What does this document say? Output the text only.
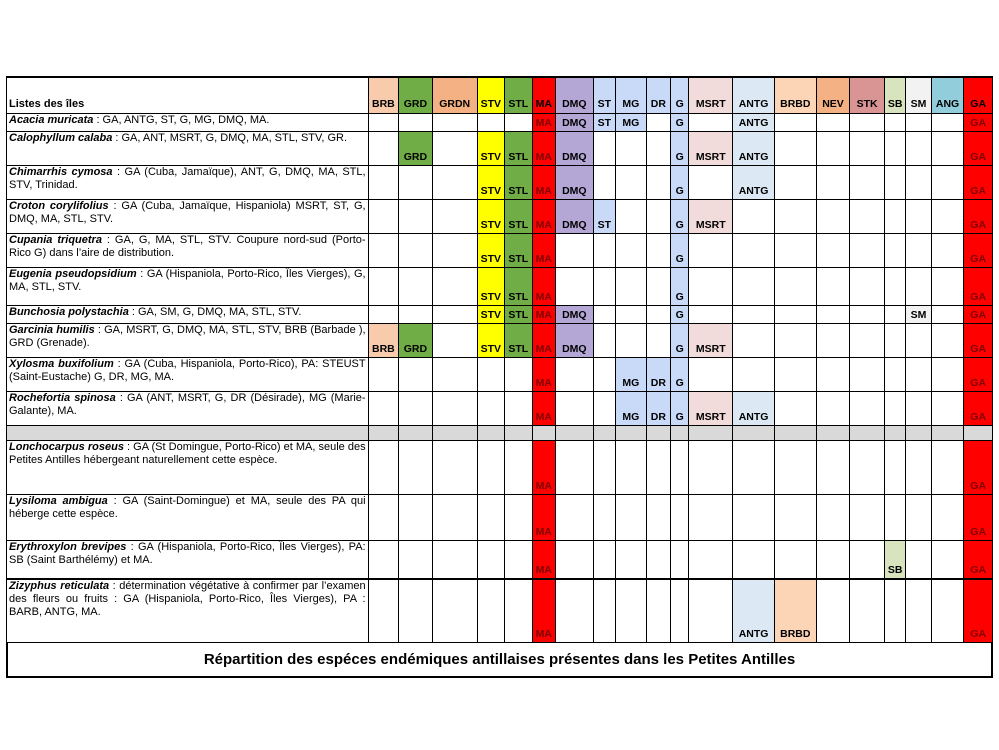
Listes des îles	BRB	GRD	GRDN	STV	STL	MA	DMQ	ST	MG	DR	G	MSRT	ANTG	BRBD	NEV	STK	SB	SM	ANG	GA
Acacia muricata : GA, ANTG, ST, G, MG, DMQ, MA.						MA	DMQ	ST	MG		G		ANTG							GA
Calophyllum calaba : GA, ANT, MSRT, G, DMQ, MA, STL, STV, GR.		GRD		STV	STL	MA	DMQ				G	MSRT	ANTG							GA
Chimarrhis cymosa : GA (Cuba, Jamaïque), ANT, G, DMQ, MA, STL, STV, Trinidad.				STV	STL	MA	DMQ				G		ANTG							GA
Croton corylifolius : GA (Cuba, Jamaïque, Hispaniola) MSRT, ST, G, DMQ, MA, STL, STV.				STV	STL	MA	DMQ	ST			G	MSRT								GA
Cupania triquetra : GA, G, MA, STL, STV. Coupure nord-sud (Porto-Rico G) dans l’aire de distribution.				STV	STL	MA					G									GA
Eugenia pseudopsidium : GA (Hispaniola, Porto-Rico, Îles Vierges), G, MA, STL, STV.				STV	STL	MA					G									GA
Bunchosia polystachia : GA, SM, G, DMQ, MA, STL, STV.				STV	STL	MA	DMQ				G							SM		GA
Garcinia humilis : GA, MSRT, G, DMQ, MA, STL, STV, BRB (Barbade ), GRD (Grenade).	BRB	GRD		STV	STL	MA	DMQ				G	MSRT								GA
Xylosma buxifolium : GA (Cuba, Hispaniola, Porto-Rico), PA: STEUST (Saint-Eustache) G, DR, MG, MA.						MA			MG	DR	G									GA
Rochefortia spinosa : GA (ANT, MSRT, G, DR (Désirade), MG (Marie-Galante), MA.						MA			MG	DR	G	MSRT	ANTG							GA

Lonchocarpus roseus : GA (St Domingue, Porto-Rico) et MA, seule des Petites Antilles hébergeant naturellement cette espèce.						MA														GA
Lysiloma ambigua : GA (Saint-Domingue) et MA, seule des PA qui héberge cette espèce.						MA														GA
Erythroxylon brevipes : GA (Hispaniola, Porto-Rico, Îles Vierges), PA: SB (Saint Barthélémy) et MA.						MA											SB			GA
Zizyphus reticulata : détermination végétative à confirmer par l’examen des fleurs ou fruits : GA (Hispaniola, Porto-Rico, Îles Vierges), PA : BARB, ANTG, MA.						MA							ANTG	BRBD						GA
Répartition des espéces endémiques antillaises présentes dans les Petites Antilles
